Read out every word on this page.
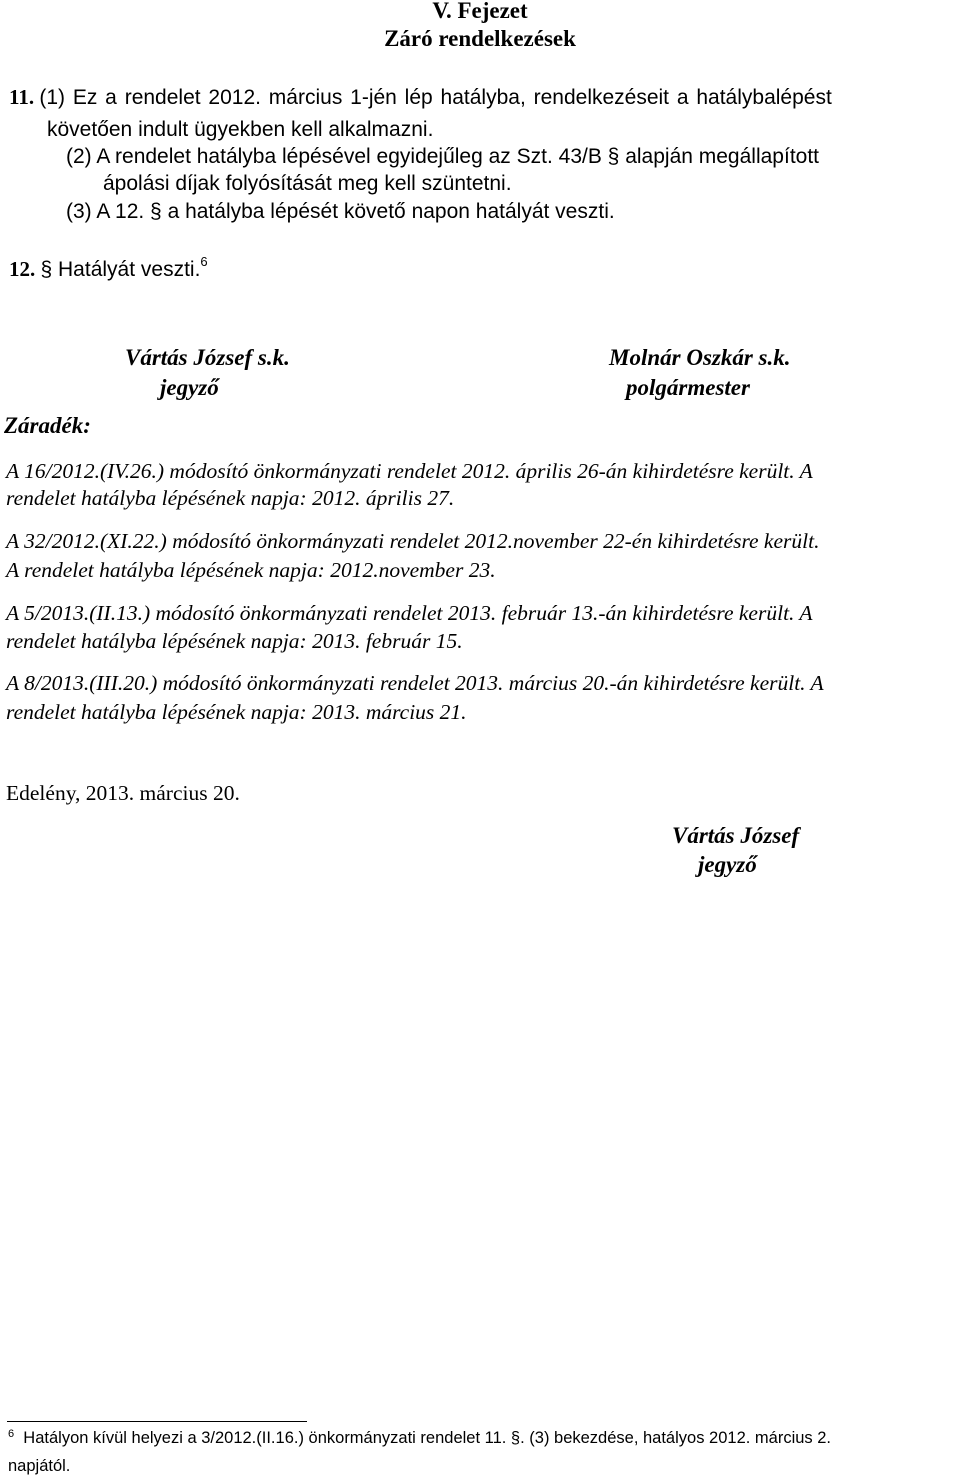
V. Fejezet
Záró rendelkezések
11. (1) Ez a rendelet 2012. március 1-jén lép hatályba, rendelkezéseit a hatálybalépést
követően indult ügyekben kell alkalmazni.
(2) A rendelet hatályba lépésével egyidejűleg az Szt. 43/B § alapján megállapított
ápolási díjak folyósítását meg kell szüntetni.
(3) A 12. § a hatályba lépését követő napon hatályát veszti.
12. § Hatályát veszti.$^6$
Vártás József s.k.
jegyző
Molnár Oszkár s.k.
polgármester
Záradék:
A 16/2012.(IV.26.) módosító önkormányzati rendelet 2012. április 26-án kihirdetésre került. A
rendelet hatályba lépésének napja: 2012. április 27.
A 32/2012.(XI.22.) módosító önkormányzati rendelet 2012.november 22-én kihirdetésre került.
A rendelet hatályba lépésének napja: 2012.november 23.
A 5/2013.(II.13.) módosító önkormányzati rendelet 2013. február 13.-án kihirdetésre került. A
rendelet hatályba lépésének napja: 2013. február 15.
A 8/2013.(III.20.) módosító önkormányzati rendelet 2013. március 20.-án kihirdetésre került. A
rendelet hatályba lépésének napja: 2013. március 21.
Edelény, 2013. március 20.
Vártás József
jegyző
$^6$ Hatályon kívül helyezi a 3/2012.(II.16.) önkormányzati rendelet 11. §. (3) bekezdése, hatályos 2012. március 2.
napjától.
